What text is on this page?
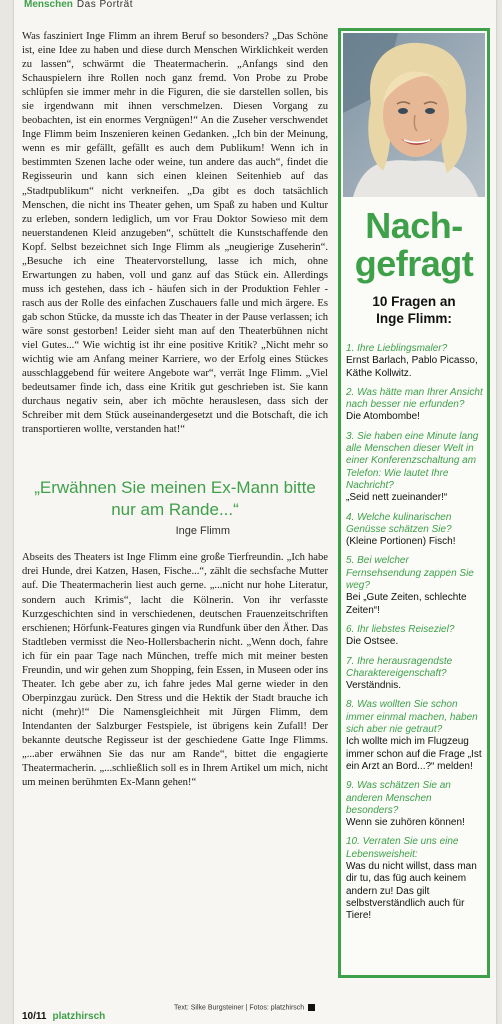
Menschen Das Porträt

Was fasziniert Inge Flimm an ihrem Beruf so besonders? „Das Schöne ist, eine Idee zu haben und diese durch Menschen Wirklichkeit werden zu lassen“, schwärmt die Theatermacherin. „Anfangs sind den Schauspielern ihre Rollen noch ganz fremd. Von Probe zu Probe schlüpfen sie immer mehr in die Figuren, die sie darstellen sollen, bis sie irgendwann mit ihnen verschmelzen. Diesen Vorgang zu beobachten, ist ein enormes Vergnügen!“ An die Zuseher verschwendet Inge Flimm beim Inszenieren keinen Gedanken. „Ich bin der Meinung, wenn es mir gefällt, gefällt es auch dem Publikum! Wenn ich in bestimmten Szenen lache oder weine, tun andere das auch“, findet die Regisseurin und kann sich einen kleinen Seitenhieb auf das „Stadtpublikum“ nicht verkneifen. „Da gibt es doch tatsächlich Menschen, die nicht ins Theater gehen, um Spaß zu haben und Kultur zu erleben, sondern lediglich, um vor Frau Doktor Sowieso mit dem neuerstandenen Kleid anzugeben“, schüttelt die Kunstschaffende den Kopf. Selbst bezeichnet sich Inge Flimm als „neugierige Zuseherin“. „Besuche ich eine Theatervorstellung, lasse ich mich, ohne Erwartungen zu haben, voll und ganz auf das Stück ein. Allerdings muss ich gestehen, dass ich - häufen sich in der Produktion Fehler - rasch aus der Rolle des einfachen Zuschauers falle und mich ärgere. Es gab schon Stücke, da musste ich das Theater in der Pause verlassen; ich wäre sonst gestorben! Leider sieht man auf den Theaterbühnen nicht viel Gutes...“ Wie wichtig ist ihr eine positive Kritik? „Nicht mehr so wichtig wie am Anfang meiner Karriere, wo der Erfolg eines Stückes ausschlaggebend für weitere Angebote war“, verrät Inge Flimm. „Viel bedeutsamer finde ich, dass eine Kritik gut geschrieben ist. Sie kann durchaus negativ sein, aber ich möchte herauslesen, dass sich der Schreiber mit dem Stück auseinandergesetzt und die Botschaft, die ich transportieren wollte, verstanden hat!“

„Erwähnen Sie meinen Ex-Mann bitte nur am Rande...“
Inge Flimm

Abseits des Theaters ist Inge Flimm eine große Tierfreundin. „Ich habe drei Hunde, drei Katzen, Hasen, Fische...“, zählt die sechsfache Mutter auf. Die Theatermacherin liest auch gerne. „...nicht nur hohe Literatur, sondern auch Krimis“, lacht die Kölnerin. Von ihr verfasste Kurzgeschichten sind in verschiedenen, deutschen Frauenzeitschriften erschienen; Hörfunk-Features gingen via Rundfunk über den Äther. Das Stadtleben vermisst die Neo-Hollersbacherin nicht. „Wenn doch, fahre ich für ein paar Tage nach München, treffe mich mit meiner besten Freundin, und wir gehen zum Shopping, fein Essen, in Museen oder ins Theater. Ich gebe aber zu, ich fahre jedes Mal gerne wieder in den Oberpinzgau zurück. Den Stress und die Hektik der Stadt brauche ich nicht (mehr)!“ Die Namensgleichheit mit Jürgen Flimm, dem Intendanten der Salzburger Festspiele, ist übrigens kein Zufall! Der bekannte deutsche Regisseur ist der geschiedene Gatte Inge Flimms. „...aber erwähnen Sie das nur am Rande“, bittet die engagierte Theatermacherin. „...schließlich soll es in Ihrem Artikel um mich, nicht um meinen berühmten Ex-Mann gehen!“

Text: Silke Burgsteiner | Fotos: platzhirsch
10/11 platzhirsch
Nach-
gefragt
10 Fragen an
Inge Flimm:
1. Ihre Lieblingsmaler?
Ernst Barlach, Pablo Picasso, Käthe Kollwitz.
2. Was hätte man Ihrer Ansicht nach besser nie erfunden?
Die Atombombe!
3. Sie haben eine Minute lang alle Menschen dieser Welt in einer Konferenzschaltung am Telefon: Wie lautet Ihre Nachricht?
„Seid nett zueinander!“
4. Welche kulinarischen Genüsse schätzen Sie?
(Kleine Portionen) Fisch!
5. Bei welcher Fernsehsendung zappen Sie weg?
Bei „Gute Zeiten, schlechte Zeiten“!
6. Ihr liebstes Reiseziel?
Die Ostsee.
7. Ihre herausragendste Charaktereigenschaft?
Verständnis.
8. Was wollten Sie schon immer einmal machen, haben sich aber nie getraut?
Ich wollte mich im Flugzeug immer schon auf die Frage „Ist ein Arzt an Bord...?“ melden!
9. Was schätzen Sie an anderen Menschen besonders?
Wenn sie zuhören können!
10. Verraten Sie uns eine Lebensweisheit:
Was du nicht willst, dass man dir tu, das füg auch keinem andern zu! Das gilt selbstverständlich auch für Tiere!
